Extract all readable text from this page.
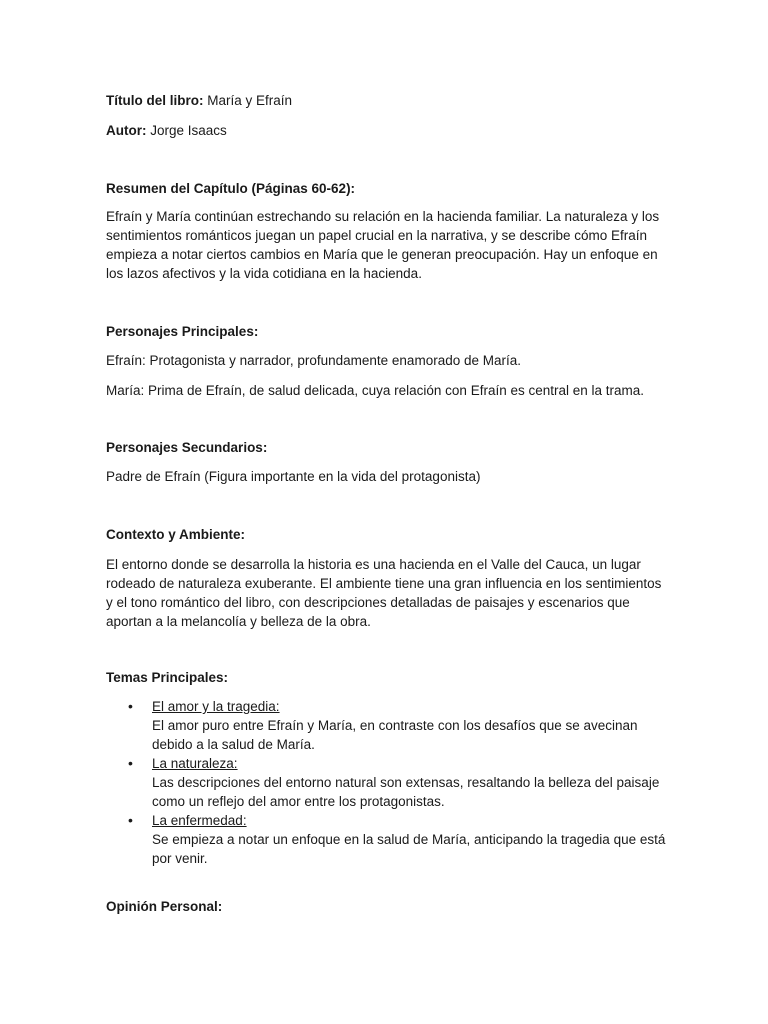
Título del libro: María y Efraín
Autor: Jorge Isaacs
Resumen del Capítulo (Páginas 60-62):
Efraín y María continúan estrechando su relación en la hacienda familiar. La naturaleza y los sentimientos románticos juegan un papel crucial en la narrativa, y se describe cómo Efraín empieza a notar ciertos cambios en María que le generan preocupación. Hay un enfoque en los lazos afectivos y la vida cotidiana en la hacienda.
Personajes Principales:
Efraín: Protagonista y narrador, profundamente enamorado de María.
María: Prima de Efraín, de salud delicada, cuya relación con Efraín es central en la trama.
Personajes Secundarios:
Padre de Efraín (Figura importante en la vida del protagonista)
Contexto y Ambiente:
El entorno donde se desarrolla la historia es una hacienda en el Valle del Cauca, un lugar rodeado de naturaleza exuberante. El ambiente tiene una gran influencia en los sentimientos y el tono romántico del libro, con descripciones detalladas de paisajes y escenarios que aportan a la melancolía y belleza de la obra.
Temas Principales:
• El amor y la tragedia:
El amor puro entre Efraín y María, en contraste con los desafíos que se avecinan debido a la salud de María.
• La naturaleza:
Las descripciones del entorno natural son extensas, resaltando la belleza del paisaje como un reflejo del amor entre los protagonistas.
• La enfermedad:
Se empieza a notar un enfoque en la salud de María, anticipando la tragedia que está por venir.
Opinión Personal:
